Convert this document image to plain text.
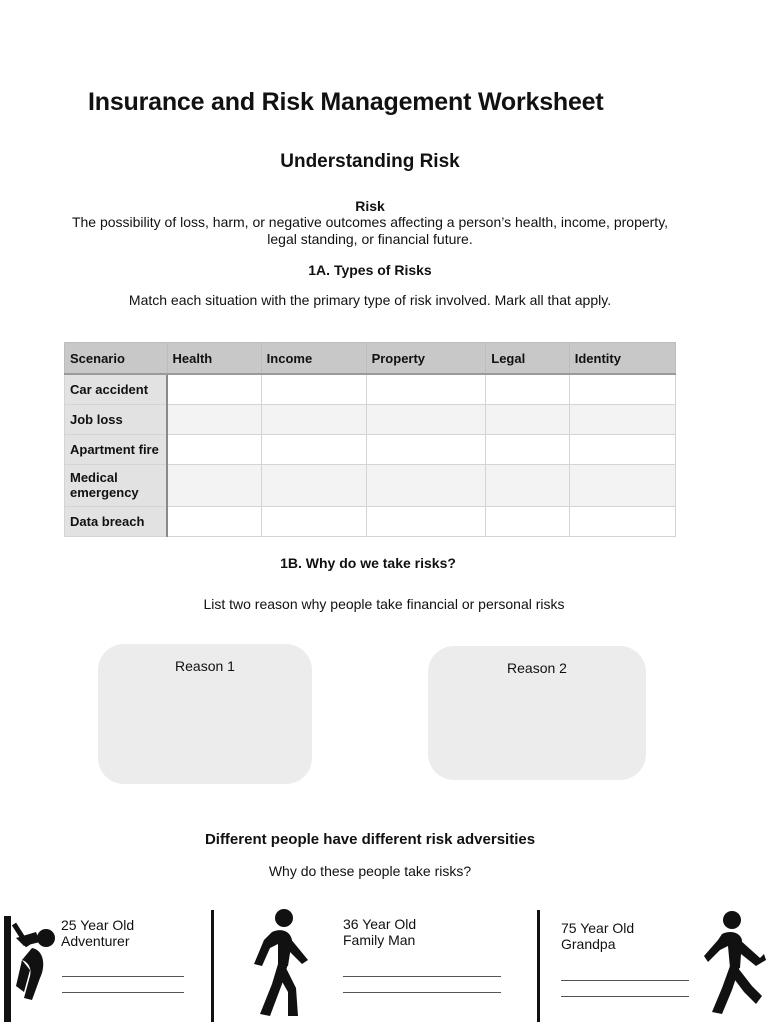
Insurance and Risk Management Worksheet
Understanding Risk
Risk
The possibility of loss, harm, or negative outcomes affecting a person’s health, income, property, legal standing, or financial future.
1A. Types of Risks
Match each situation with the primary type of risk involved. Mark all that apply.
Scenario	Health	Income	Property	Legal	Identity
Car accident					
Job loss					
Apartment fire					
Medical emergency					
Data breach					
1B. Why do we take risks?
List two reason why people take financial or personal risks
Reason 1	Reason 2
Different people have different risk adversities
Why do these people take risks?
25 Year Old
Adventurer
36 Year Old
Family Man
75 Year Old
Grandpa
